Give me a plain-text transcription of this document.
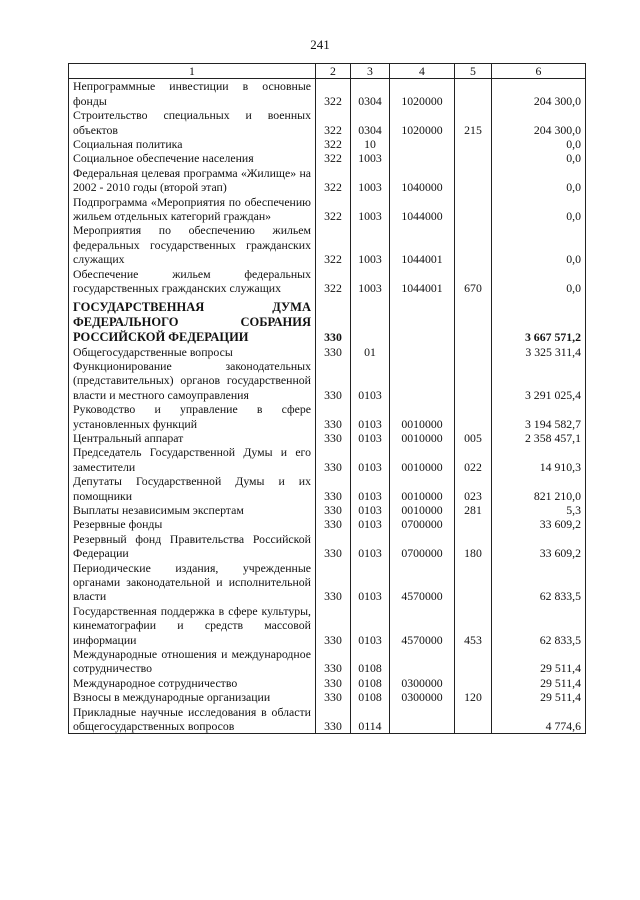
241
1	2	3	4	5	6
Непрограммные инвестиции в основные фонды	322	0304	1020000		204 300,0
Строительство специальных и военных объектов	322	0304	1020000	215	204 300,0
Социальная политика	322	10			0,0
Социальное обеспечение населения	322	1003			0,0
Федеральная целевая программа «Жилище» на 2002 - 2010 годы (второй этап)	322	1003	1040000		0,0
Подпрограмма «Мероприятия по обеспечению жильем отдельных категорий граждан»	322	1003	1044000		0,0
Мероприятия по обеспечению жильем федеральных государственных гражданских служащих	322	1003	1044001		0,0
Обеспечение жильем федеральных государственных гражданских служащих	322	1003	1044001	670	0,0
ГОСУДАРСТВЕННАЯ ДУМА ФЕДЕРАЛЬНОГО СОБРАНИЯ РОССИЙСКОЙ ФЕДЕРАЦИИ	330				3 667 571,2
Общегосударственные вопросы	330	01			3 325 311,4
Функционирование законодательных (представительных) органов государственной власти и местного самоуправления	330	0103			3 291 025,4
Руководство и управление в сфере установленных функций	330	0103	0010000		3 194 582,7
Центральный аппарат	330	0103	0010000	005	2 358 457,1
Председатель Государственной Думы и его заместители	330	0103	0010000	022	14 910,3
Депутаты Государственной Думы и их помощники	330	0103	0010000	023	821 210,0
Выплаты независимым экспертам	330	0103	0010000	281	5,3
Резервные фонды	330	0103	0700000		33 609,2
Резервный фонд Правительства Российской Федерации	330	0103	0700000	180	33 609,2
Периодические издания, учрежденные органами законодательной и исполнительной власти	330	0103	4570000		62 833,5
Государственная поддержка в сфере культуры, кинематографии и средств массовой информации	330	0103	4570000	453	62 833,5
Международные отношения и международное сотрудничество	330	0108			29 511,4
Международное сотрудничество	330	0108	0300000		29 511,4
Взносы в международные организации	330	0108	0300000	120	29 511,4
Прикладные научные исследования в области общегосударственных вопросов	330	0114			4 774,6
